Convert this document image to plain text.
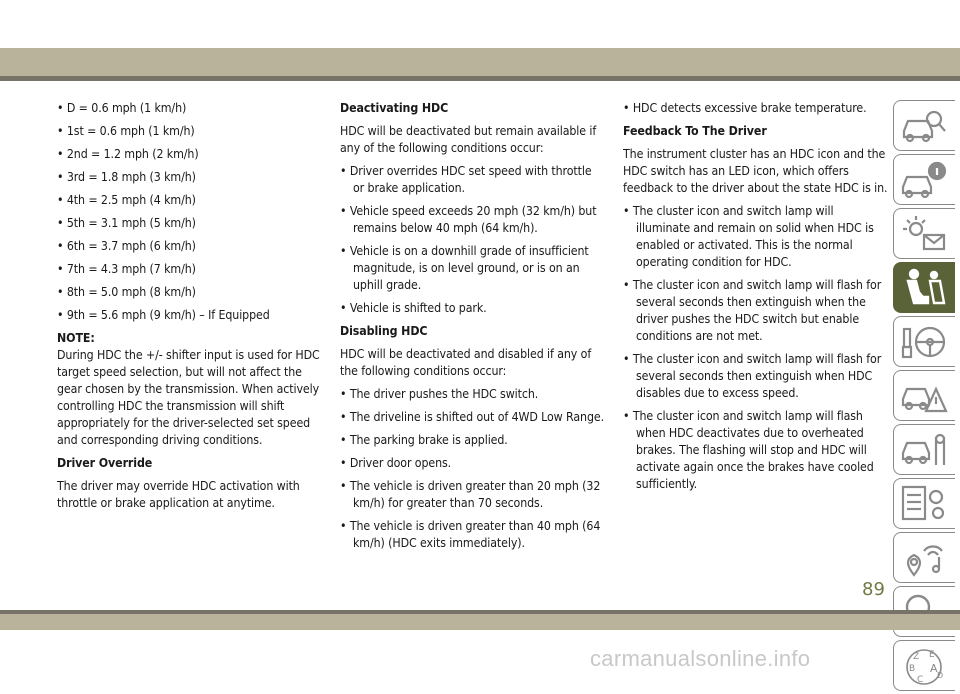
• D = 0.6 mph (1 km/h)

• 1st = 0.6 mph (1 km/h)

• 2nd = 1.2 mph (2 km/h)

• 3rd = 1.8 mph (3 km/h)

• 4th = 2.5 mph (4 km/h)

• 5th = 3.1 mph (5 km/h)

• 6th = 3.7 mph (6 km/h)

• 7th = 4.3 mph (7 km/h)

• 8th = 5.0 mph (8 km/h)

• 9th = 5.6 mph (9 km/h) – If Equipped

NOTE:

During HDC the +/- shifter input is used for HDC target speed selection, but will not affect the gear chosen by the transmission. When actively controlling HDC the transmission will shift appropriately for the driver-selected set speed and corresponding driving conditions.

Driver Override

The driver may override HDC activation with throttle or brake application at anytime.

Deactivating HDC

HDC will be deactivated but remain available if any of the following conditions occur:

• Driver overrides HDC set speed with throttle or brake application.

• Vehicle speed exceeds 20 mph (32 km/h) but remains below 40 mph (64 km/h).

• Vehicle is on a downhill grade of insufficient magnitude, is on level ground, or is on an uphill grade.

• Vehicle is shifted to park.

Disabling HDC

HDC will be deactivated and disabled if any of the following conditions occur:

• The driver pushes the HDC switch.

• The driveline is shifted out of 4WD Low Range.

• The parking brake is applied.

• Driver door opens.

• The vehicle is driven greater than 20 mph (32 km/h) for greater than 70 seconds.

• The vehicle is driven greater than 40 mph (64 km/h) (HDC exits immediately).

• HDC detects excessive brake temperature.

Feedback To The Driver

The instrument cluster has an HDC icon and the HDC switch has an LED icon, which offers feedback to the driver about the state HDC is in.

• The cluster icon and switch lamp will illuminate and remain on solid when HDC is enabled or activated. This is the normal operating condition for HDC.

• The cluster icon and switch lamp will flash for several seconds then extinguish when the driver pushes the HDC switch but enable conditions are not met.

• The cluster icon and switch lamp will flash for several seconds then extinguish when HDC disables due to excess speed.

• The cluster icon and switch lamp will flash when HDC deactivates due to overheated brakes. The flashing will stop and HDC will activate again once the brakes have cooled sufficiently.

Z E
B A
C D
89
carmanualsonline.info
